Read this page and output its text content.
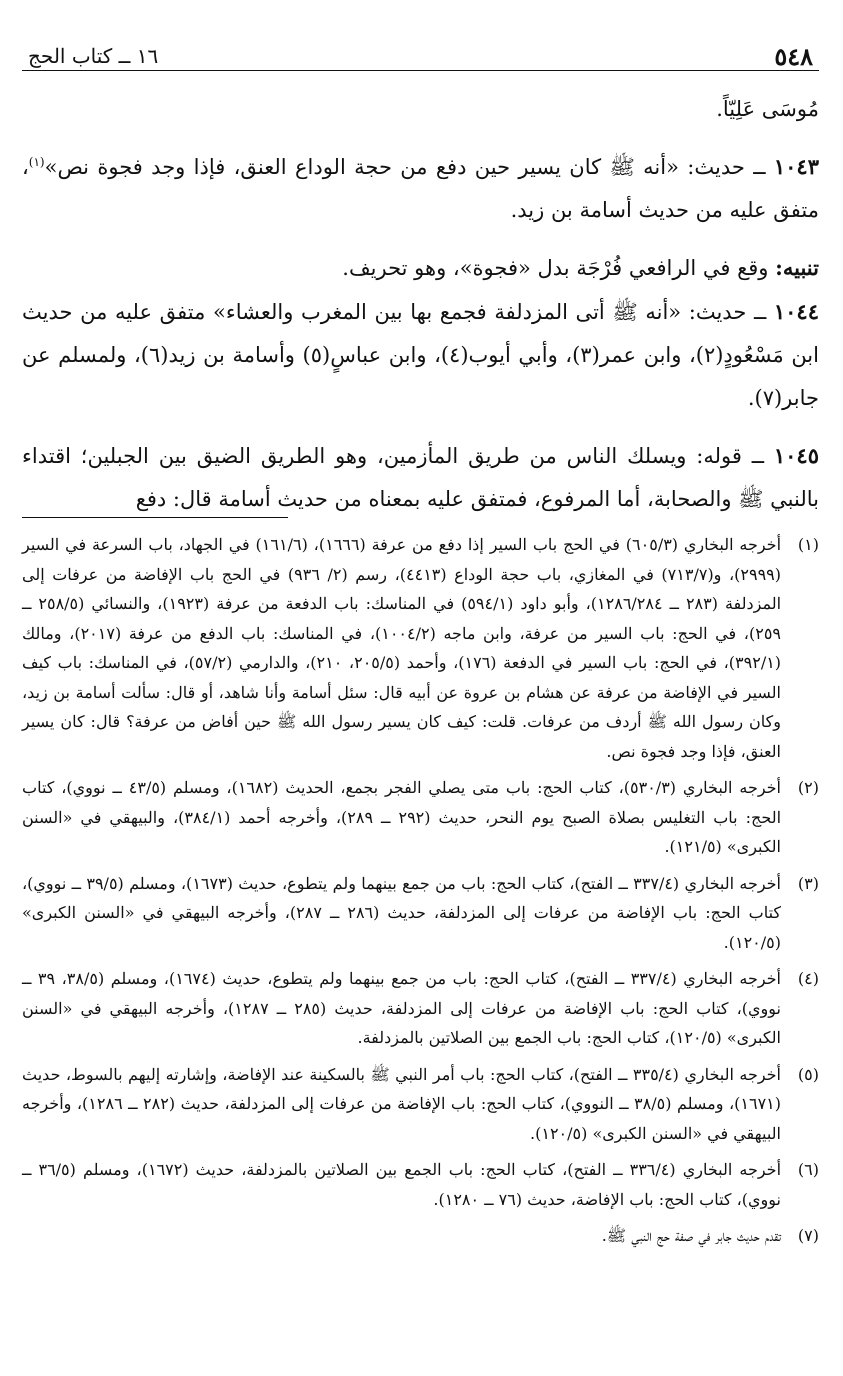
٥٤٨
١٦ ــ كتاب الحج

مُوسَى عَلِيّاً.

١٠٤٣ ــ حديث: «أنه ﷺ كان يسير حين دفع من حجة الوداع العنق، فإذا وجد فجوة نص»$^{(١)}$، متفق عليه من حديث أسامة بن زيد.

تنبيه: وقع في الرافعي فُرْجَة بدل «فجوة»، وهو تحريف.

١٠٤٤ ــ حديث: «أنه ﷺ أتى المزدلفة فجمع بها بين المغرب والعشاء» متفق عليه من حديث ابن مَسْعُودٍ(٢)، وابن عمر(٣)، وأبي أيوب(٤)، وابن عباسٍ(٥) وأسامة بن زيد(٦)، ولمسلم عن جابر(٧).

١٠٤٥ ــ قوله: ويسلك الناس من طريق المأزمين، وهو الطريق الضيق بين الجبلين؛ اقتداء بالنبي ﷺ والصحابة، أما المرفوع، فمتفق عليه بمعناه من حديث أسامة قال: دفع

(١)
أخرجه البخاري (٦٠٥/٣) في الحج باب السير إذا دفع من عرفة (١٦٦٦)، (١٦١/٦) في الجهاد، باب السرعة في السير (٢٩٩٩)، و(٧١٣/٧) في المغازي، باب حجة الوداع (٤٤١٣)، رسم (٢/ ٩٣٦) في الحج باب الإفاضة من عرفات إلى المزدلفة (٢٨٣ ــ ١٢٨٦/٢٨٤)، وأبو داود (٥٩٤/١) في المناسك: باب الدفعة من عرفة (١٩٢٣)، والنسائي (٢٥٨/٥ ــ ٢٥٩)، في الحج: باب السير من عرفة، وابن ماجه (١٠٠٤/٢)، في المناسك: باب الدفع من عرفة (٢٠١٧)، ومالك (٣٩٢/١)، في الحج: باب السير في الدفعة (١٧٦)، وأحمد (٢٠٥/٥، ٢١٠)، والدارمي (٥٧/٢)، في المناسك: باب كيف السير في الإفاضة من عرفة عن هشام بن عروة عن أبيه قال: سئل أسامة وأنا شاهد، أو قال: سألت أسامة بن زيد، وكان رسول الله ﷺ أردف من عرفات. قلت: كيف كان يسير رسول الله ﷺ حين أفاض من عرفة؟ قال: كان يسير العنق، فإذا وجد فجوة نص.
(٢)
أخرجه البخاري (٥٣٠/٣)، كتاب الحج: باب متى يصلي الفجر بجمع، الحديث (١٦٨٢)، ومسلم (٤٣/٥ ــ نووي)، كتاب الحج: باب التغليس بصلاة الصبح يوم النحر، حديث (٢٩٢ ــ ٢٨٩)، وأخرجه أحمد (٣٨٤/١)، والبيهقي في «السنن الكبرى» (١٢١/٥).
(٣)
أخرجه البخاري (٣٣٧/٤ ــ الفتح)، كتاب الحج: باب من جمع بينهما ولم يتطوع، حديث (١٦٧٣)، ومسلم (٣٩/٥ ــ نووي)، كتاب الحج: باب الإفاضة من عرفات إلى المزدلفة، حديث (٢٨٦ ــ ٢٨٧)، وأخرجه البيهقي في «السنن الكبرى» (١٢٠/٥).
(٤)
أخرجه البخاري (٣٣٧/٤ ــ الفتح)، كتاب الحج: باب من جمع بينهما ولم يتطوع، حديث (١٦٧٤)، ومسلم (٣٨/٥، ٣٩ ــ نووي)، كتاب الحج: باب الإفاضة من عرفات إلى المزدلفة، حديث (٢٨٥ ــ ١٢٨٧)، وأخرجه البيهقي في «السنن الكبرى» (١٢٠/٥)، كتاب الحج: باب الجمع بين الصلاتين بالمزدلفة.
(٥)
أخرجه البخاري (٣٣٥/٤ ــ الفتح)، كتاب الحج: باب أمر النبي ﷺ بالسكينة عند الإفاضة، وإشارته إليهم بالسوط، حديث (١٦٧١)، ومسلم (٣٨/٥ ــ النووي)، كتاب الحج: باب الإفاضة من عرفات إلى المزدلفة، حديث (٢٨٢ ــ ١٢٨٦)، وأخرجه البيهقي في «السنن الكبرى» (١٢٠/٥).
(٦)
أخرجه البخاري (٣٣٦/٤ ــ الفتح)، كتاب الحج: باب الجمع بين الصلاتين بالمزدلفة، حديث (١٦٧٢)، ومسلم (٣٦/٥ ــ نووي)، كتاب الحج: باب الإفاضة، حديث (٧٦ ــ ١٢٨٠).
(٧)
تقدم حديث جابر في صفة حج النبي ﷺ.
